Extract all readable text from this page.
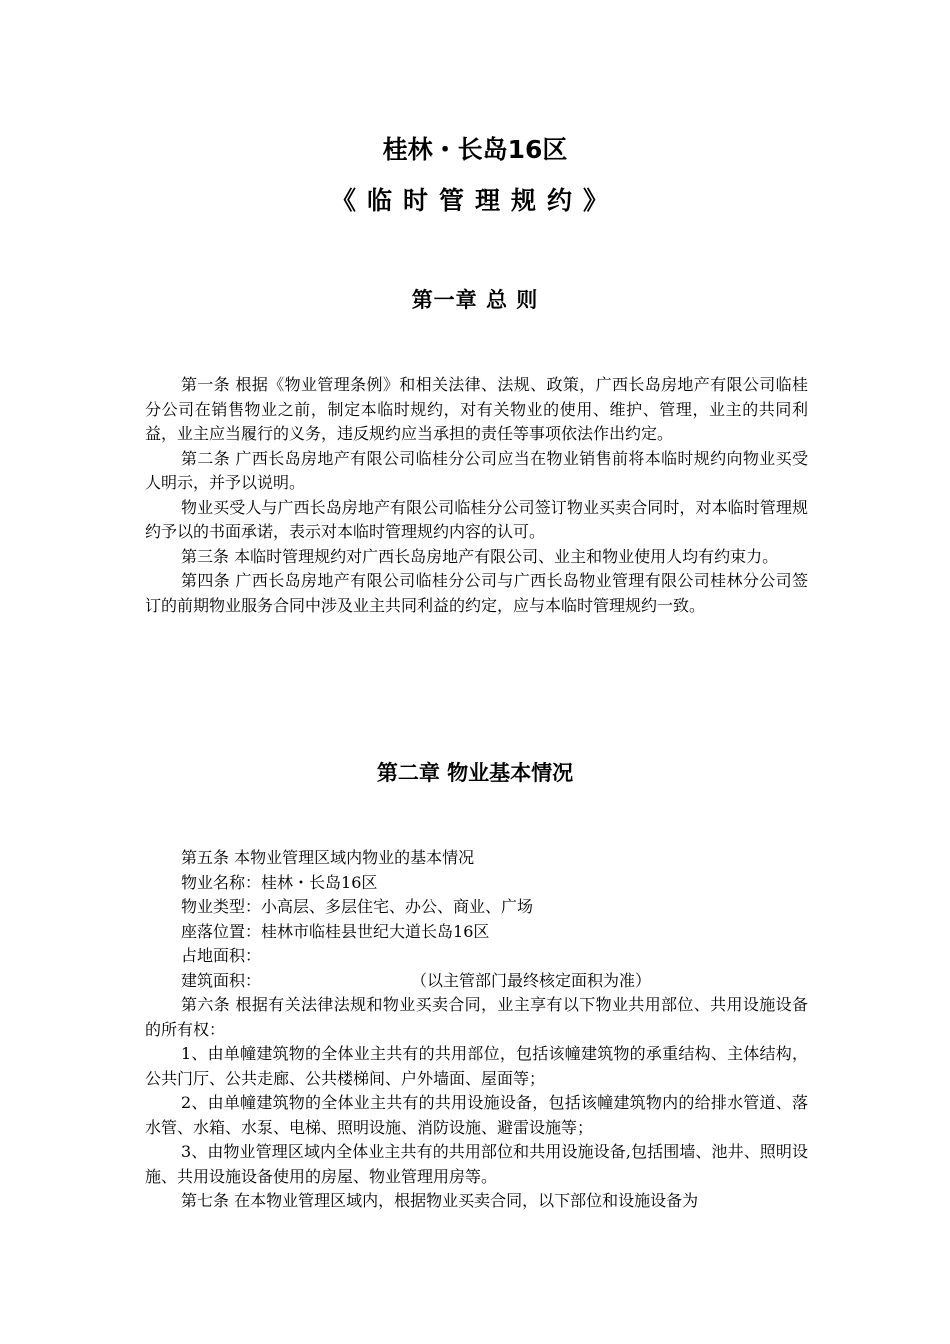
桂林・长岛16区
《临时管理规约》
第一章 总 则

第一条 根据《物业管理条例》和相关法律、法规、政策，广西长岛房地产有限公司临桂分公司在销售物业之前，制定本临时规约，对有关物业的使用、维护、管理，业主的共同利益，业主应当履行的义务，违反规约应当承担的责任等事项依法作出约定。

第二条 广西长岛房地产有限公司临桂分公司应当在物业销售前将本临时规约向物业买受人明示，并予以说明。

物业买受人与广西长岛房地产有限公司临桂分公司签订物业买卖合同时，对本临时管理规约予以的书面承诺，表示对本临时管理规约内容的认可。

第三条 本临时管理规约对广西长岛房地产有限公司、业主和物业使用人均有约束力。

第四条 广西长岛房地产有限公司临桂分公司与广西长岛物业管理有限公司桂林分公司签订的前期物业服务合同中涉及业主共同利益的约定，应与本临时管理规约一致。

第二章 物业基本情况

第五条 本物业管理区域内物业的基本情况

物业名称：桂林・长岛16区

物业类型：小高层、多层住宅、办公、商业、广场

座落位置：桂林市临桂县世纪大道长岛16区

占地面积：

建筑面积：	（以主管部门最终核定面积为准）

第六条 根据有关法律法规和物业买卖合同，业主享有以下物业共用部位、共用设施设备的所有权：

1、由单幢建筑物的全体业主共有的共用部位，包括该幢建筑物的承重结构、主体结构，公共门厅、公共走廊、公共楼梯间、户外墙面、屋面等；

2、由单幢建筑物的全体业主共有的共用设施设备，包括该幢建筑物内的给排水管道、落水管、水箱、水泵、电梯、照明设施、消防设施、避雷设施等；

3、由物业管理区域内全体业主共有的共用部位和共用设施设备,包括围墙、池井、照明设施、共用设施设备使用的房屋、物业管理用房等。

第七条 在本物业管理区域内，根据物业买卖合同，以下部位和设施设备为
